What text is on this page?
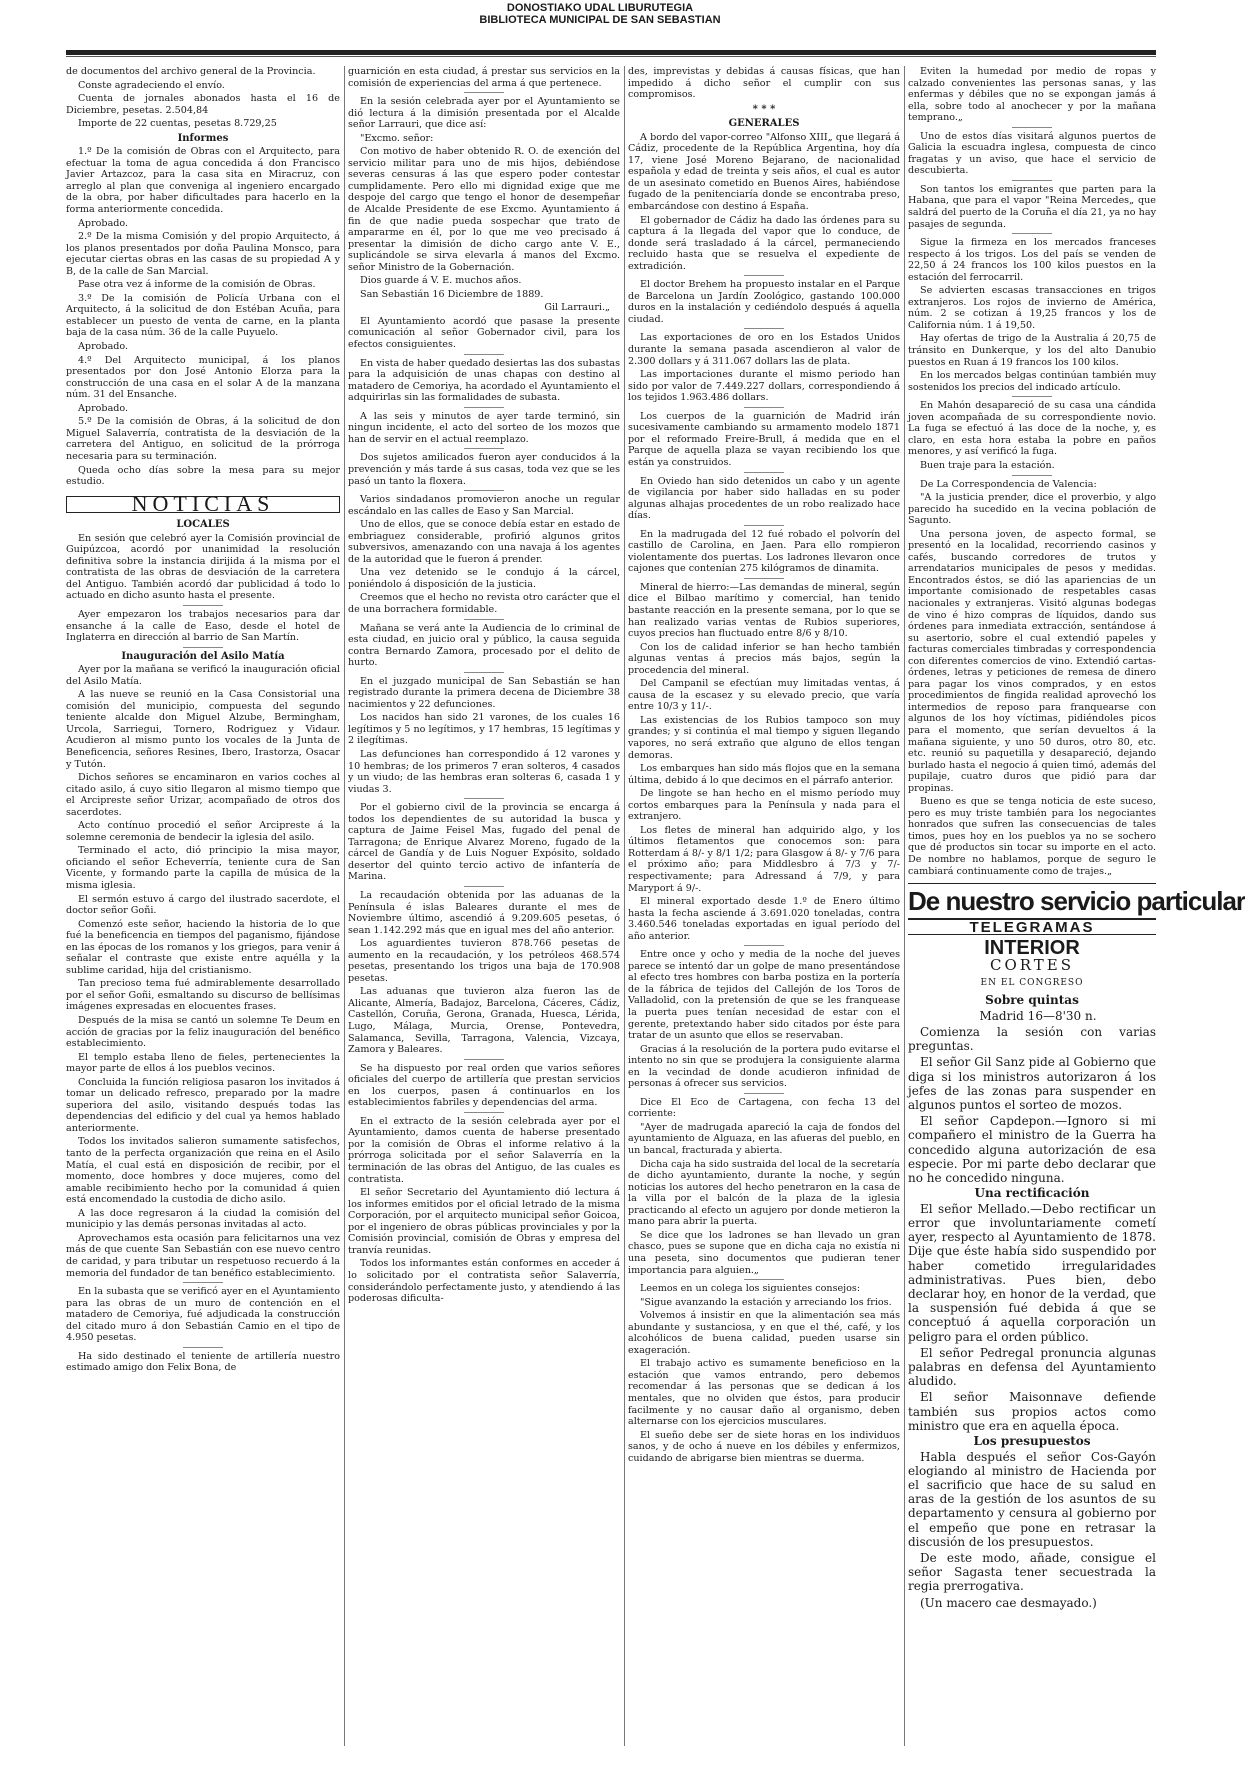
DONOSTIAKO UDAL LIBURUTEGIA
BIBLIOTECA MUNICIPAL DE SAN SEBASTIAN

de documentos del archivo general de la Provincia.

Conste agradeciendo el envío.

Cuenta de jornales abonados hasta el 16 de Diciembre, pesetas. 2.504,84

Importe de 22 cuentas, pesetas 8.729,25

Informes

1.º De la comisión de Obras con el Arquitecto, para efectuar la toma de agua concedida á don Francisco Javier Artazcoz, para la casa sita en Miracruz, con arreglo al plan que conveniga al ingeniero encargado de la obra, por haber dificultades para hacerlo en la forma anteriormente concedida.

Aprobado.

2.º De la misma Comisión y del propio Arquitecto, á los planos presentados por doña Paulina Monsco, para ejecutar ciertas obras en las casas de su propiedad A y B, de la calle de San Marcial.

Pase otra vez á informe de la comisión de Obras.

3.º De la comisión de Policía Urbana con el Arquitecto, á la solicitud de don Estéban Acuña, para establecer un puesto de venta de carne, en la planta baja de la casa núm. 36 de la calle Puyuelo.

Aprobado.

4.º Del Arquitecto municipal, á los planos presentados por don José Antonio Elorza para la construcción de una casa en el solar A de la manzana núm. 31 del Ensanche.

Aprobado.

5.º De la comisión de Obras, á la solicitud de don Miguel Salaverría, contratista de la desviación de la carretera del Antiguo, en solicitud de la prórroga necesaria para su terminación.

Queda ocho días sobre la mesa para su mejor estudio.

NOTICIAS
LOCALES

En sesión que celebró ayer la Comisión provincial de Guipúzcoa, acordó por unanimidad la resolución definitiva sobre la instancia dirijida á la misma por el contratista de las obras de desviación de la carretera del Antiguo. También acordó dar publicidad á todo lo actuado en dicho asunto hasta el presente.

Ayer empezaron los trabajos necesarios para dar ensanche á la calle de Easo, desde el hotel de Inglaterra en dirección al barrio de San Martín.

Inauguración del Asilo Matía

Ayer por la mañana se verificó la inauguración oficial del Asilo Matía.

A las nueve se reunió en la Casa Consistorial una comisión del municipio, compuesta del segundo teniente alcalde don Miguel Alzube, Bermingham, Urcola, Sarriegui, Tornero, Rodriguez y Vidaur. Acudieron al mismo punto los vocales de la Junta de Beneficencia, señores Resines, Ibero, Irastorza, Osacar y Tutón.

Dichos señores se encaminaron en varios coches al citado asilo, á cuyo sitio llegaron al mismo tiempo que el Arcipreste señor Urizar, acompañado de otros dos sacerdotes.

Acto contínuo procedió el señor Arcipreste á la solemne ceremonia de bendecir la iglesia del asilo.

Terminado el acto, dió principio la misa mayor, oficiando el señor Echeverría, teniente cura de San Vicente, y formando parte la capilla de música de la misma iglesia.

El sermón estuvo á cargo del ilustrado sacerdote, el doctor señor Goñi.

Comenzó este señor, haciendo la historia de lo que fué la beneficencia en tiempos del paganismo, fijándose en las épocas de los romanos y los griegos, para venir á señalar el contraste que existe entre aquélla y la sublime caridad, hija del cristianismo.

Tan precioso tema fué admirablemente desarrollado por el señor Goñi, esmaltando su discurso de bellísimas imágenes expresadas en elocuentes frases.

Después de la misa se cantó un solemne Te Deum en acción de gracias por la feliz inauguración del benéfico establecimiento.

El templo estaba lleno de fieles, pertenecientes la mayor parte de ellos á los pueblos vecinos.

Concluida la función religiosa pasaron los invitados á tomar un delicado refresco, preparado por la madre superiora del asilo, visitando después todas las dependencias del edificio y del cual ya hemos hablado anteriormente.

Todos los invitados salieron sumamente satisfechos, tanto de la perfecta organización que reina en el Asilo Matía, el cual está en disposición de recibir, por el momento, doce hombres y doce mujeres, como del amable recibimiento hecho por la comunidad á quien está encomendado la custodia de dicho asilo.

A las doce regresaron á la ciudad la comisión del municipio y las demás personas invitadas al acto.

Aprovechamos esta ocasión para felicitarnos una vez más de que cuente San Sebastián con ese nuevo centro de caridad, y para tributar un respetuoso recuerdo á la memoria del fundador de tan benéfico establecimiento.

En la subasta que se verificó ayer en el Ayuntamiento para las obras de un muro de contención en el matadero de Cemoriya, fué adjudicada la construcción del citado muro á don Sebastián Camio en el tipo de 4.950 pesetas.

Ha sido destinado el teniente de artillería nuestro estimado amigo don Felix Bona, de

guarnición en esta ciudad, á prestar sus servicios en la comisión de experiencias del arma á que pertenece.

En la sesión celebrada ayer por el Ayuntamiento se dió lectura á la dimisión presentada por el Alcalde señor Larrauri, que dice así:

"Excmo. señor:

Con motivo de haber obtenido R. O. de exención del servicio militar para uno de mis hijos, debiéndose severas censuras á las que espero poder contestar cumplidamente. Pero ello mi dignidad exige que me despoje del cargo que tengo el honor de desempeñar de Alcalde Presidente de ese Excmo. Ayuntamiento á fin de que nadie pueda sospechar que trato de ampararme en él, por lo que me veo precisado á presentar la dimisión de dicho cargo ante V. E., suplicándole se sirva elevarla á manos del Excmo. señor Ministro de la Gobernación.

Dios guarde á V. E. muchos años.

San Sebastián 16 Diciembre de 1889.

Gil Larrauri.„

El Ayuntamiento acordó que pasase la presente comunicación al señor Gobernador civil, para los efectos consiguientes.

En vista de haber quedado desiertas las dos subastas para la adquisición de unas chapas con destino al matadero de Cemoriya, ha acordado el Ayuntamiento el adquirirlas sin las formalidades de subasta.

A las seis y minutos de ayer tarde terminó, sin ningun incidente, el acto del sorteo de los mozos que han de servir en el actual reemplazo.

Dos sujetos amilicados fueron ayer conducidos á la prevención y más tarde á sus casas, toda vez que se les pasó un tanto la floxera.

Varios sindadanos promovieron anoche un regular escándalo en las calles de Easo y San Marcial.

Uno de ellos, que se conoce debía estar en estado de embriaguez considerable, profirió algunos gritos subversivos, amenazando con una navaja á los agentes de la autoridad que le fueron á prender.

Una vez detenido se le condujo á la cárcel, poniéndolo á disposición de la justicia.

Creemos que el hecho no revista otro carácter que el de una borrachera formidable.

Mañana se verá ante la Audiencia de lo criminal de esta ciudad, en juicio oral y público, la causa seguida contra Bernardo Zamora, procesado por el delito de hurto.

En el juzgado municipal de San Sebastián se han registrado durante la primera decena de Diciembre 38 nacimientos y 22 defunciones.

Los nacidos han sido 21 varones, de los cuales 16 legítimos y 5 no legítimos, y 17 hembras, 15 legítimas y 2 ilegítimas.

Las defunciones han correspondido á 12 varones y 10 hembras; de los primeros 7 eran solteros, 4 casados y un viudo; de las hembras eran solteras 6, casada 1 y viudas 3.

Por el gobierno civil de la provincia se encarga á todos los dependientes de su autoridad la busca y captura de Jaime Feisel Mas, fugado del penal de Tarragona; de Enrique Alvarez Moreno, fugado de la cárcel de Gandía y de Luis Noguer Expósito, soldado desertor del quinto tercio activo de infantería de Marina.

La recaudación obtenida por las aduanas de la Península é islas Baleares durante el mes de Noviembre último, ascendió á 9.209.605 pesetas, ó sean 1.142.292 más que en igual mes del año anterior.

Los aguardientes tuvieron 878.766 pesetas de aumento en la recaudación, y los petróleos 468.574 pesetas, presentando los trigos una baja de 170.908 pesetas.

Las aduanas que tuvieron alza fueron las de Alicante, Almería, Badajoz, Barcelona, Cáceres, Cádiz, Castellón, Coruña, Gerona, Granada, Huesca, Lérida, Lugo, Málaga, Murcia, Orense, Pontevedra, Salamanca, Sevilla, Tarragona, Valencia, Vizcaya, Zamora y Baleares.

Se ha dispuesto por real orden que varios señores oficiales del cuerpo de artillería que prestan servicios en los cuerpos, pasen á continuarlos en los establecimientos fabriles y dependencias del arma.

En el extracto de la sesión celebrada ayer por el Ayuntamiento, damos cuenta de haberse presentado por la comisión de Obras el informe relativo á la prórroga solicitada por el señor Salaverría en la terminación de las obras del Antiguo, de las cuales es contratista.

El señor Secretario del Ayuntamiento dió lectura á los informes emitidos por el oficial letrado de la misma Corporación, por el arquitecto municipal señor Goicoa, por el ingeniero de obras públicas provinciales y por la Comisión provincial, comisión de Obras y empresa del tranvía reunidas.

Todos los informantes están conformes en acceder á lo solicitado por el contratista señor Salaverría, considerándolo perfectamente justo, y atendiendo á las poderosas dificulta-

des, imprevistas y debidas á causas físicas, que han impedido á dicho señor el cumplir con sus compromisos.

* * *
GENERALES

A bordo del vapor-correo "Alfonso XIII„ que llegará á Cádiz, procedente de la República Argentina, hoy día 17, viene José Moreno Bejarano, de nacionalidad española y edad de treinta y seis años, el cual es autor de un asesinato cometido en Buenos Aires, habiéndose fugado de la penitenciaría donde se encontraba preso, embarcándose con destino á España.

El gobernador de Cádiz ha dado las órdenes para su captura á la llegada del vapor que lo conduce, de donde será trasladado á la cárcel, permaneciendo recluido hasta que se resuelva el expediente de extradición.

El doctor Brehem ha propuesto instalar en el Parque de Barcelona un Jardín Zoológico, gastando 100.000 duros en la instalación y cediéndolo después á aquella ciudad.

Las exportaciones de oro en los Estados Unidos durante la semana pasada ascendieron al valor de 2.300 dollars y á 311.067 dollars las de plata.

Las importaciones durante el mismo periodo han sido por valor de 7.449.227 dollars, correspondiendo á los tejidos 1.963.486 dollars.

Los cuerpos de la guarnición de Madrid irán sucesivamente cambiando su armamento modelo 1871 por el reformado Freire-Brull, á medida que en el Parque de aquella plaza se vayan recibiendo los que están ya construidos.

En Oviedo han sido detenidos un cabo y un agente de vigilancia por haber sido halladas en su poder algunas alhajas procedentes de un robo realizado hace días.

En la madrugada del 12 fué robado el polvorín del castillo de Carolina, en Jaen. Para ello rompieron violentamente dos puertas. Los ladrones llevaron once cajones que contenían 275 kilógramos de dinamita.

Mineral de hierro:—Las demandas de mineral, según dice el Bilbao marítimo y comercial, han tenido bastante reacción en la presente semana, por lo que se han realizado varias ventas de Rubios superiores, cuyos precios han fluctuado entre 8/6 y 8/10.

Con los de calidad inferior se han hecho también algunas ventas á precios más bajos, según la procedencia del mineral.

Del Campanil se efectúan muy limitadas ventas, á causa de la escasez y su elevado precio, que varía entre 10/3 y 11/-.

Las existencias de los Rubios tampoco son muy grandes; y si continúa el mal tiempo y siguen llegando vapores, no será extraño que alguno de ellos tengan demoras.

Los embarques han sido más flojos que en la semana última, debido á lo que decimos en el párrafo anterior.

De lingote se han hecho en el mismo período muy cortos embarques para la Península y nada para el extranjero.

Los fletes de mineral han adquirido algo, y los últimos fletamentos que conocemos son: para Rotterdam á 8/- y 8/1 1/2; para Glasgow á 8/- y 7/6 para el próximo año; para Middlesbro á 7/3 y 7/- respectivamente; para Adressand á 7/9, y para Maryport á 9/-.

El mineral exportado desde 1.º de Enero último hasta la fecha asciende á 3.691.020 toneladas, contra 3.460.546 toneladas exportadas en igual período del año anterior.

Entre once y ocho y media de la noche del jueves parece se intentó dar un golpe de mano presentándose al efecto tres hombres con barba postiza en la portería de la fábrica de tejidos del Callejón de los Toros de Valladolid, con la pretensión de que se les franquease la puerta pues tenían necesidad de estar con el gerente, pretextando haber sido citados por éste para tratar de un asunto que ellos se reservaban.

Gracias á la resolución de la portera pudo evitarse el intento no sin que se produjera la consiguiente alarma en la vecindad de donde acudieron infinidad de personas á ofrecer sus servicios.

Dice El Eco de Cartagena, con fecha 13 del corriente:

"Ayer de madrugada apareció la caja de fondos del ayuntamiento de Alguaza, en las afueras del pueblo, en un bancal, fracturada y abierta.

Dicha caja ha sido sustraida del local de la secretaría de dicho ayuntamiento, durante la noche, y según noticias los autores del hecho penetraron en la casa de la villa por el balcón de la plaza de la iglesia practicando al efecto un agujero por donde metieron la mano para abrir la puerta.

Se dice que los ladrones se han llevado un gran chasco, pues se supone que en dicha caja no existía ni una peseta, sino documentos que pudieran tener importancia para alguien.„

Leemos en un colega los siguientes consejos:

"Sigue avanzando la estación y arreciando los frios.

Volvemos á insistir en que la alimentación sea más abundante y sustanciosa, y en que el thé, café, y los alcohólicos de buena calidad, pueden usarse sin exageración.

El trabajo activo es sumamente beneficioso en la estación que vamos entrando, pero debemos recomendar á las personas que se dedican á los mentales, que no olviden que éstos, para producir facilmente y no causar daño al organismo, deben alternarse con los ejercicios musculares.

El sueño debe ser de siete horas en los individuos sanos, y de ocho á nueve en los débiles y enfermizos, cuidando de abrigarse bien mientras se duerma.

Eviten la humedad por medio de ropas y calzado convenientes las personas sanas, y las enfermas y débiles que no se expongan jamás á ella, sobre todo al anochecer y por la mañana temprano.„

Uno de estos días visitará algunos puertos de Galicia la escuadra inglesa, compuesta de cinco fragatas y un aviso, que hace el servicio de descubierta.

Son tantos los emigrantes que parten para la Habana, que para el vapor "Reina Mercedes„ que saldrá del puerto de la Coruña el día 21, ya no hay pasajes de segunda.

Sigue la firmeza en los mercados franceses respecto á los trigos. Los del país se venden de 22,50 á 24 francos los 100 kilos puestos en la estación del ferrocarril.

Se advierten escasas transacciones en trigos extranjeros. Los rojos de invierno de América, núm. 2 se cotizan á 19,25 francos y los de California núm. 1 á 19,50.

Hay ofertas de trigo de la Australia á 20,75 de tránsito en Dunkerque, y los del alto Danubio puestos en Ruan á 19 francos los 100 kilos.

En los mercados belgas continúan también muy sostenidos los precios del indicado artículo.

En Mahón desapareció de su casa una cándida joven acompañada de su correspondiente novio. La fuga se efectuó á las doce de la noche, y, es claro, en esta hora estaba la pobre en paños menores, y así verificó la fuga.

Buen traje para la estación.

De La Correspondencia de Valencia:

"A la justicia prender, dice el proverbio, y algo parecido ha sucedido en la vecina población de Sagunto.

Una persona joven, de aspecto formal, se presentó en la localidad, recorriendo casinos y cafés, buscando corredores de trutos y arrendatarios municipales de pesos y medidas. Encontrados éstos, se dió las apariencias de un importante comisionado de respetables casas nacionales y extranjeras. Visitó algunas bodegas de vino é hizo compras de líquidos, dando sus órdenes para inmediata extracción, sentándose á su asertorio, sobre el cual extendió papeles y facturas comerciales timbradas y correspondencia con diferentes comercios de vino. Extendió cartas-órdenes, letras y peticiones de remesa de dinero para pagar los vinos comprados, y en estos procedimientos de fingida realidad aprovechó los intermedios de reposo para franquearse con algunos de los hoy víctimas, pidiéndoles picos para el momento, que serían devueltos á la mañana siguiente, y uno 50 duros, otro 80, etc. etc. reunió su paquetilla y desapareció, dejando burlado hasta el negocio á quien timó, además del pupilaje, cuatro duros que pidió para dar propinas.

Bueno es que se tenga noticia de este suceso, pero es muy triste también para los negociantes honrados que sufren las consecuencias de tales timos, pues hoy en los pueblos ya no se sochero que dé productos sin tocar su importe en el acto. De nombre no hablamos, porque de seguro le cambiará continuamente como de trajes.„

De nuestro servicio particular
TELEGRAMAS
INTERIOR
CORTES
EN EL CONGRESO
Sobre quintas

Madrid 16—8'30 n.

Comienza la sesión con varias preguntas.

El señor Gil Sanz pide al Gobierno que diga si los ministros autorizaron á los jefes de las zonas para suspender en algunos puntos el sorteo de mozos.

El señor Capdepon.—Ignoro si mi compañero el ministro de la Guerra ha concedido alguna autorización de esa especie. Por mi parte debo declarar que no he concedido ninguna.

Una rectificación

El señor Mellado.—Debo rectificar un error que involuntariamente cometí ayer, respecto al Ayuntamiento de 1878. Dije que éste había sido suspendido por haber cometido irregularidades administrativas. Pues bien, debo declarar hoy, en honor de la verdad, que la suspensión fué debida á que se conceptuó á aquella corporación un peligro para el orden público.

El señor Pedregal pronuncia algunas palabras en defensa del Ayuntamiento aludido.

El señor Maisonnave defiende también sus propios actos como ministro que era en aquella época.

Los presupuestos

Habla después el señor Cos-Gayón elogiando al ministro de Hacienda por el sacrificio que hace de su salud en aras de la gestión de los asuntos de su departamento y censura al gobierno por el empeño que pone en retrasar la discusión de los presupuestos.

De este modo, añade, consigue el señor Sagasta tener secuestrada la regia prerrogativa.

(Un macero cae desmayado.)
